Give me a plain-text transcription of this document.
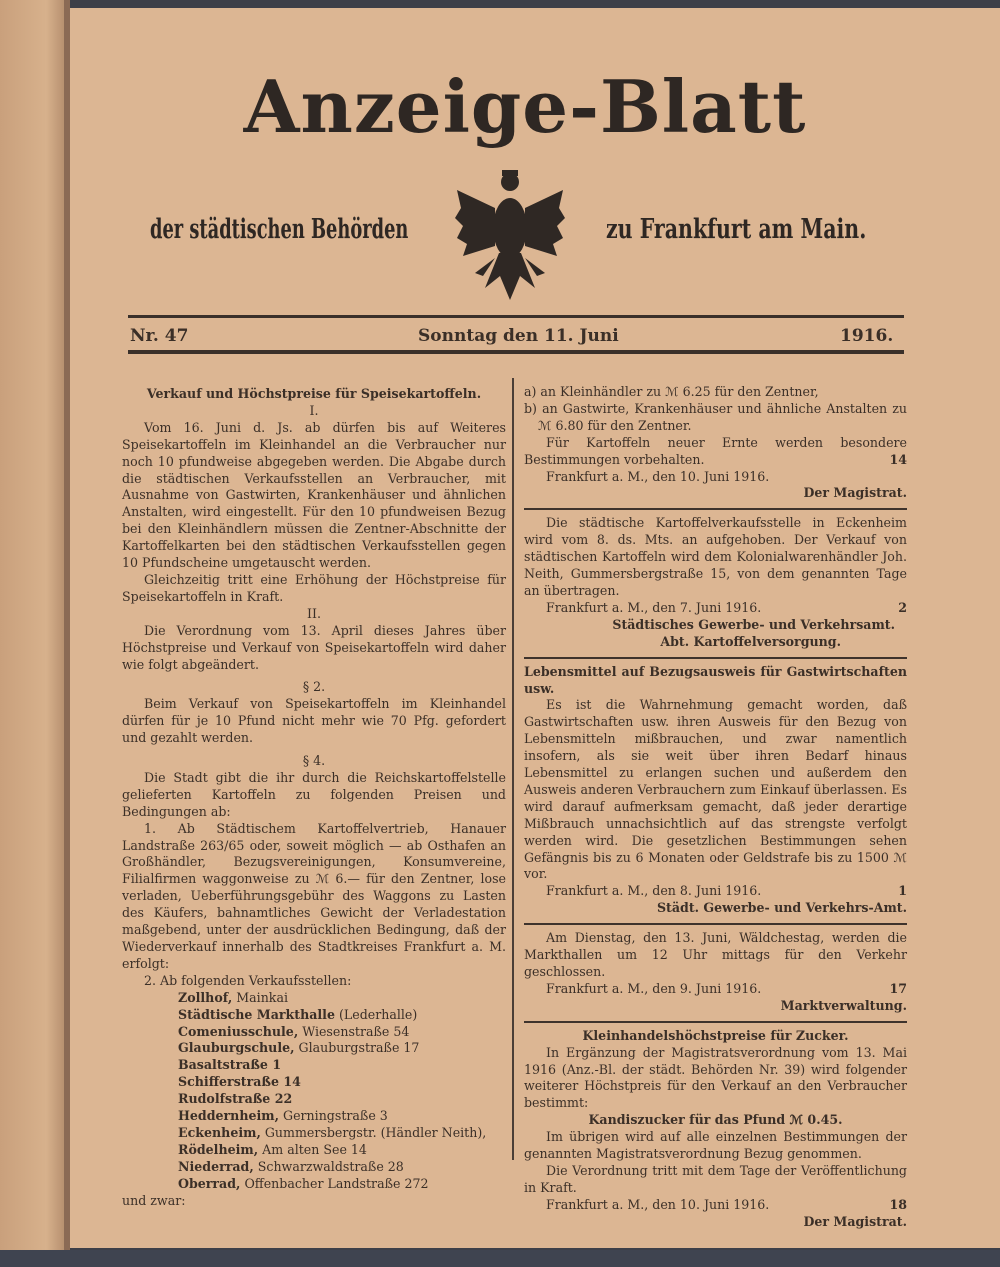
Anzeige-Blatt
der städtischen Behörden	zu Frankfurt am Main.
Nr. 47	Sonntag den 11. Juni	1916.

Verkauf und Höchstpreise für Speisekartoffeln.

I.

Vom 16. Juni d. Js. ab dürfen bis auf Weiteres Speisekartoffeln im Kleinhandel an die Verbraucher nur noch 10 pfundweise abgegeben werden. Die Abgabe durch die städtischen Verkaufsstellen an Verbraucher, mit Ausnahme von Gastwirten, Krankenhäuser und ähnlichen Anstalten, wird eingestellt. Für den 10 pfundweisen Bezug bei den Kleinhändlern müssen die Zentner-Abschnitte der Kartoffelkarten bei den städtischen Verkaufsstellen gegen 10 Pfundscheine umgetauscht werden.

Gleichzeitig tritt eine Erhöhung der Höchstpreise für Speisekartoffeln in Kraft.

II.

Die Verordnung vom 13. April dieses Jahres über Höchstpreise und Verkauf von Speisekartoffeln wird daher wie folgt abgeändert.

§ 2.

Beim Verkauf von Speisekartoffeln im Kleinhandel dürfen für je 10 Pfund nicht mehr wie 70 Pfg. gefordert und gezahlt werden.

§ 4.

Die Stadt gibt die ihr durch die Reichskartoffelstelle gelieferten Kartoffeln zu folgenden Preisen und Bedingungen ab:

1. Ab Städtischem Kartoffelvertrieb, Hanauer Landstraße 263/65 oder, soweit möglich — ab Osthafen an Großhändler, Bezugsvereinigungen, Konsumvereine, Filialfirmen waggonweise zu ℳ 6.— für den Zentner, lose verladen, Ueberführungsgebühr des Waggons zu Lasten des Käufers, bahnamtliches Gewicht der Verladestation maßgebend, unter der ausdrücklichen Bedingung, daß der Wiederverkauf innerhalb des Stadtkreises Frankfurt a. M. erfolgt:

2. Ab folgenden Verkaufsstellen:

Zollhof, Mainkai
Städtische Markthalle (Lederhalle)
Comeniusschule, Wiesenstraße 54
Glauburgschule, Glauburgstraße 17
Basaltstraße 1
Schifferstraße 14
Rudolfstraße 22
Heddernheim, Gerningstraße 3
Eckenheim, Gummersbergstr. (Händler Neith),
Rödelheim, Am alten See 14
Niederrad, Schwarzwaldstraße 28
Oberrad, Offenbacher Landstraße 272

und zwar:

a) an Kleinhändler zu ℳ 6.25 für den Zentner,

b) an Gastwirte, Krankenhäuser und ähnliche Anstalten zu ℳ 6.80 für den Zentner.

Für Kartoffeln neuer Ernte werden besondere Bestimmungen vorbehalten.	14

Frankfurt a. M., den 10. Juni 1916.

Der Magistrat.

Die städtische Kartoffelverkaufsstelle in Eckenheim wird vom 8. ds. Mts. an aufgehoben. Der Verkauf von städtischen Kartoffeln wird dem Kolonialwarenhändler Joh. Neith, Gummersbergstraße 15, von dem genannten Tage an übertragen.

Frankfurt a. M., den 7. Juni 1916.	2

Städtisches Gewerbe- und Verkehrsamt.

Abt. Kartoffelversorgung.

Lebensmittel auf Bezugsausweis für Gastwirtschaften usw.

Es ist die Wahrnehmung gemacht worden, daß Gastwirtschaften usw. ihren Ausweis für den Bezug von Lebensmitteln mißbrauchen, und zwar namentlich insofern, als sie weit über ihren Bedarf hinaus Lebensmittel zu erlangen suchen und außerdem den Ausweis anderen Verbrauchern zum Einkauf überlassen. Es wird darauf aufmerksam gemacht, daß jeder derartige Mißbrauch unnachsichtlich auf das strengste verfolgt werden wird. Die gesetzlichen Bestimmungen sehen Gefängnis bis zu 6 Monaten oder Geldstrafe bis zu 1500 ℳ vor.

Frankfurt a. M., den 8. Juni 1916.	1

Städt. Gewerbe- und Verkehrs-Amt.

Am Dienstag, den 13. Juni, Wäldchestag, werden die Markthallen um 12 Uhr mittags für den Verkehr geschlossen.

Frankfurt a. M., den 9. Juni 1916.	17

Marktverwaltung.

Kleinhandelshöchstpreise für Zucker.

In Ergänzung der Magistratsverordnung vom 13. Mai 1916 (Anz.-Bl. der städt. Behörden Nr. 39) wird folgender weiterer Höchstpreis für den Verkauf an den Verbraucher bestimmt:

Kandiszucker für das Pfund ℳ 0.45.

Im übrigen wird auf alle einzelnen Bestimmungen der genannten Magistratsverordnung Bezug genommen.

Die Verordnung tritt mit dem Tage der Veröffentlichung in Kraft.

Frankfurt a. M., den 10. Juni 1916.	18

Der Magistrat.
